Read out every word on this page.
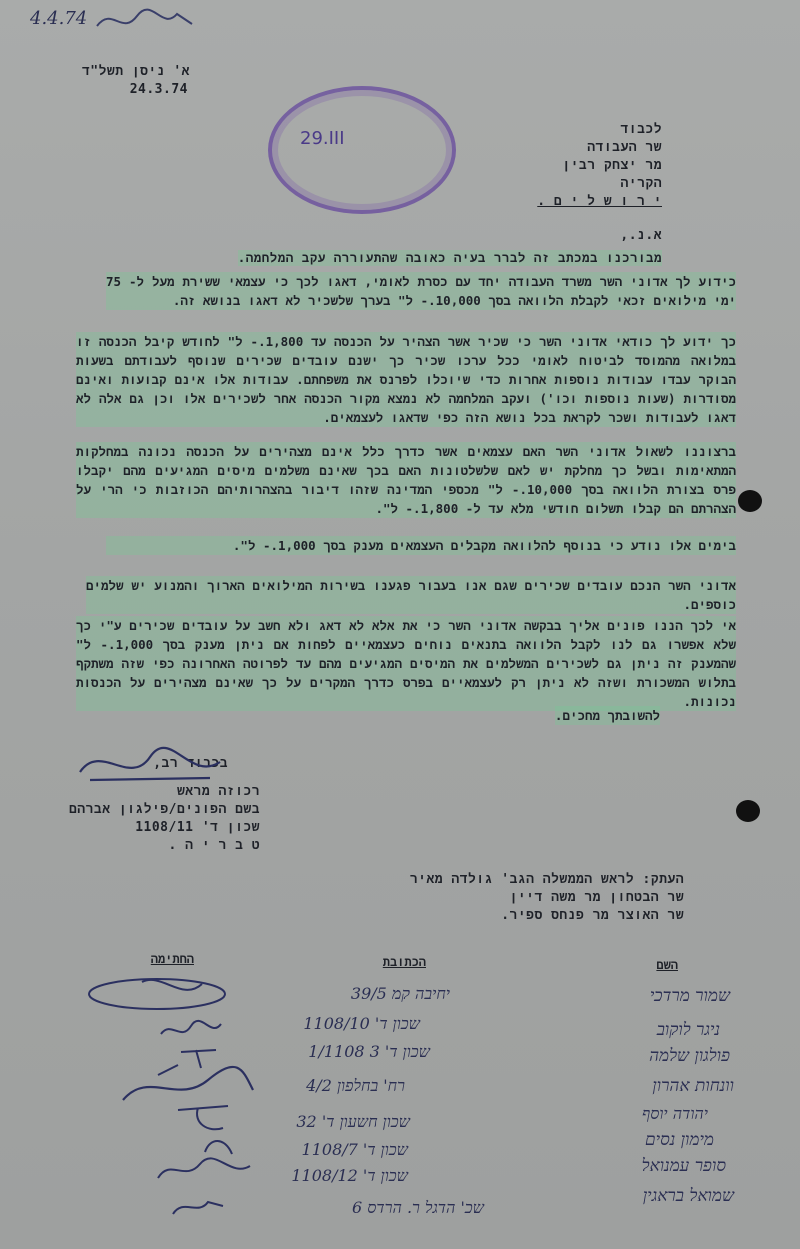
4.4.74
א' ניסן תשל"ד
24.3.74
29.III	לכבוד
שר העבודה
מר יצחק רבין
הקריה
י ר ו ש ל י ם .
א.נ.,
מבורכנו במכתב זה לברר בעיה כאובה שהתעוררה עקב המלחמה.
כידוע לך אדוני השר משרד העבודה יחד עם כסרת לאומי, דאגו לכך כי עצמאי ששירת מעל ל- 75 ימי מילואים זכאי לקבלת הלוואה בסך 10,000.- ל" בערך שלשכיר לא דאגו בנושא זה.
כך ידוע לך כודאי אדוני השר כי שכיר אשר הצהיר על הכנסה עד 1,800.- ל" לחודש קיבל הכנסה זו במלואה מהמוסד לביטוח לאומי ככל ערכו שכיר כך ישנם עובדים שכירים שנוסף לעבודתם בשעות הבוקר עבדו עבודות נוספות אחרות כדי שיוכלו לפרנס את משפחתם. עבודות אלו אינם קבועות ואינם מסודרות (שעות נוספות וכו') ועקב המלחמה לא נמצא מקור הכנסה אחר לשכירים אלו וכן גם אלה לא דאגו לעבודות ושכר לקראת בכל נושא הזה כפי שדאגו לעצמאים.
ברצוננו לשאול אדוני השר האם עצמאים אשר כדרך כלל אינם מצהירים על הכנסה נכונה במחלקות המתאימות ובשל כך מחלקת יש לאם שלשלטונות האם בכך שאינם משלמים מיסים המגיעים מהם יקבלו פרס בצורת הלוואה בסך 10,000.- ל" מכספי המדינה שזהו דיבור בהצהרותיהם הכוזבות כי הרי על הצהרתם הם קבלו תשלום חודשי מלא עד ל- 1,800.- ל".
בימים אלו נודע כי בנוסף להלוואה מקבלים העצמאים מענק בסך 1,000.- ל".
אדוני השר הנכם עובדים שכירים שגם אנו בעבור פגענו בשירות המילואים הארוך והמנוע יש שלמים כוספים.
אי לכך הננו פונים אליך בבקשה אדוני השר כי את אלא לא דאג ולא חשב על עובדים שכירים ע"י כך שלא אפשרו גם לנו לקבל הלוואה בתנאים נוחים כעצמאיים לפחות אם ניתן מענק בסך 1,000.- ל" שהמענק זה ניתן גם לשכירים המשלמים את המיסים המגיעים מהם עד לפרוטה האחרונה כפי שזה משתקף בתלוש המשכורת ושזה לא ניתן רק לעצמאיים בפרס כדרך המקרים על כך שאינם מצהירים על הכנסות נכונות.
להשובתך מחכים.
בכבוד רב,
רכוזה מראש
בשם הפונים/פילגון אברהם
שכון ד' 1108/11
ט ב ר י ה .
העתק: לראש הממשלה הגב' גולדה מאיר
שר הבטחון מר משה דיין
שר האוצר מר פנחס ספיר.
השם
הכתובת
החתימה
שמור מרדכי
ניגר לוקוב
פולגון שלמה
וונחות אהרון
יהודה יוסף
מימון נסים
סופר עמנואל
שמואל בראגין
יחיבה קמ 39/5
שכון ד' 1108/10
שכון ד' 3 1/1108
רח' בחלפון 4/2
שכון חשעון ד' 32
שכון ד' 1108/7
שכון ד' 1108/12
שכ' הדגל ר. הרדס 6
